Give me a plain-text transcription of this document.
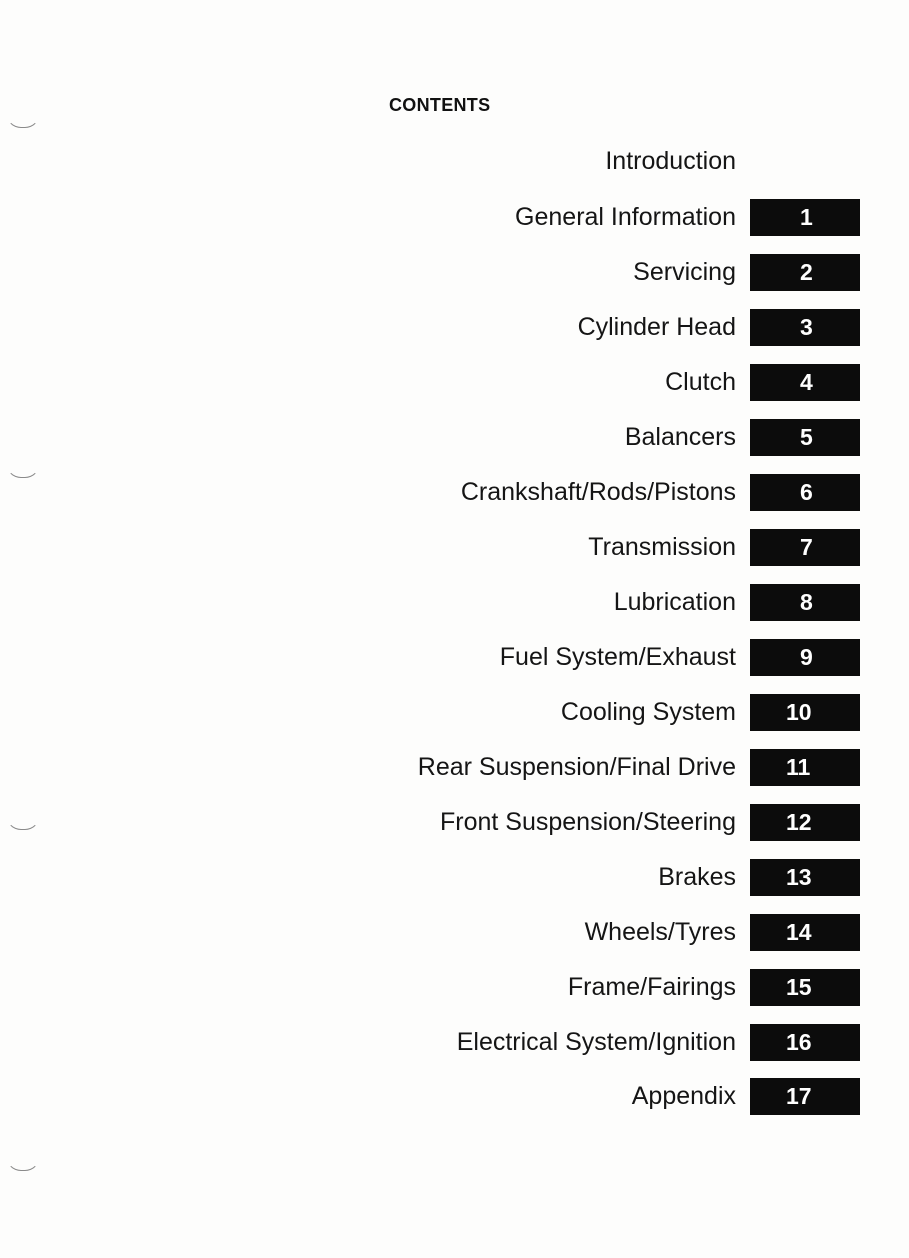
CONTENTS
Introduction
General Information	1
Servicing	2
Cylinder Head	3
Clutch	4
Balancers	5
Crankshaft/Rods/Pistons	6
Transmission	7
Lubrication	8
Fuel System/Exhaust	9
Cooling System	10
Rear Suspension/Final Drive	11
Front Suspension/Steering	12
Brakes	13
Wheels/Tyres	14
Frame/Fairings	15
Electrical System/Ignition	16
Appendix	17
